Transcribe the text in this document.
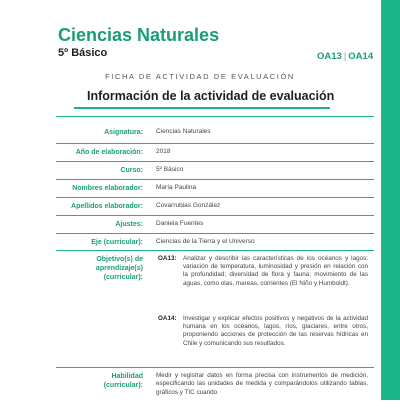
Ciencias Naturales
5º Básico	OA13 | OA14
FICHA DE ACTIVIDAD DE EVALUACIÓN
Información de la actividad de evaluación
Asignatura: Ciencias Naturales
Año de elaboración: 2018
Curso: 5º Básico
Nombres elaborador: María Paulina
Apellidos elaborador: Covarrubias González
Ajustes: Daniela Fuentes
Eje (curricular): Ciencias de la Tierra y el Universo
Objetivo(s) de
aprendizaje(s)
(curricular):
OA13: Analizar y describir las características de los océanos y lagos: variación de temperatura, luminosidad y presión en relación con la profundidad; diversidad de flora y fauna; movimiento de las aguas, como olas, mareas, corrientes (El Niño y Humboldt).
OA14: Investigar y explicar efectos positivos y negativos de la actividad humana en los océanos, lagos, ríos, glaciares, entre otros, proponiendo acciones de protección de las reservas hídricas en Chile y comunicando sus resultados.
Habilidad
(curricular):
Medir y registrar datos en forma precisa con instrumentos de medición, especificando las unidades de medida y comparándolos utilizando tablas, gráficos y TIC cuando
